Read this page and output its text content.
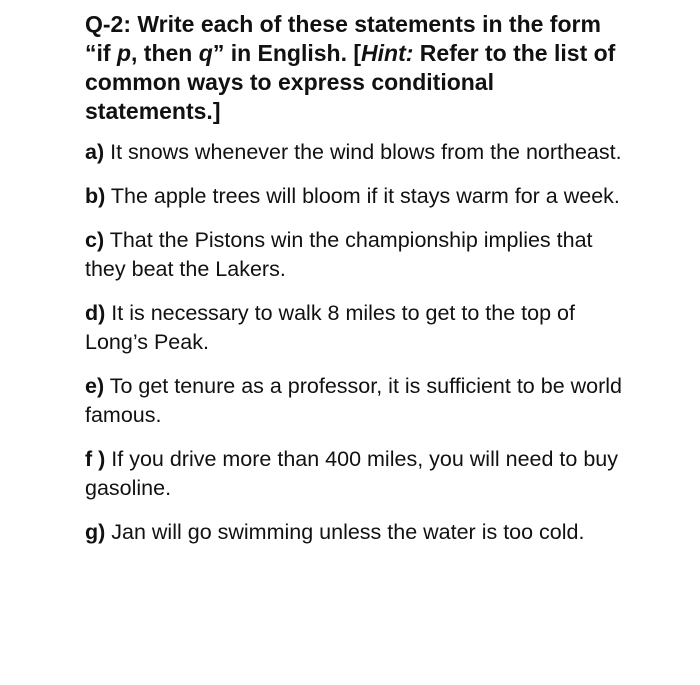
Q-2: Write each of these statements in the form “if p, then q” in English. [Hint: Refer to the list of common ways to express conditional statements.]

a) It snows whenever the wind blows from the northeast.

b) The apple trees will bloom if it stays warm for a week.

c) That the Pistons win the championship implies that they beat the Lakers.

d) It is necessary to walk 8 miles to get to the top of Long’s Peak.

e) To get tenure as a professor, it is sufficient to be world famous.

f ) If you drive more than 400 miles, you will need to buy gasoline.

g) Jan will go swimming unless the water is too cold.
